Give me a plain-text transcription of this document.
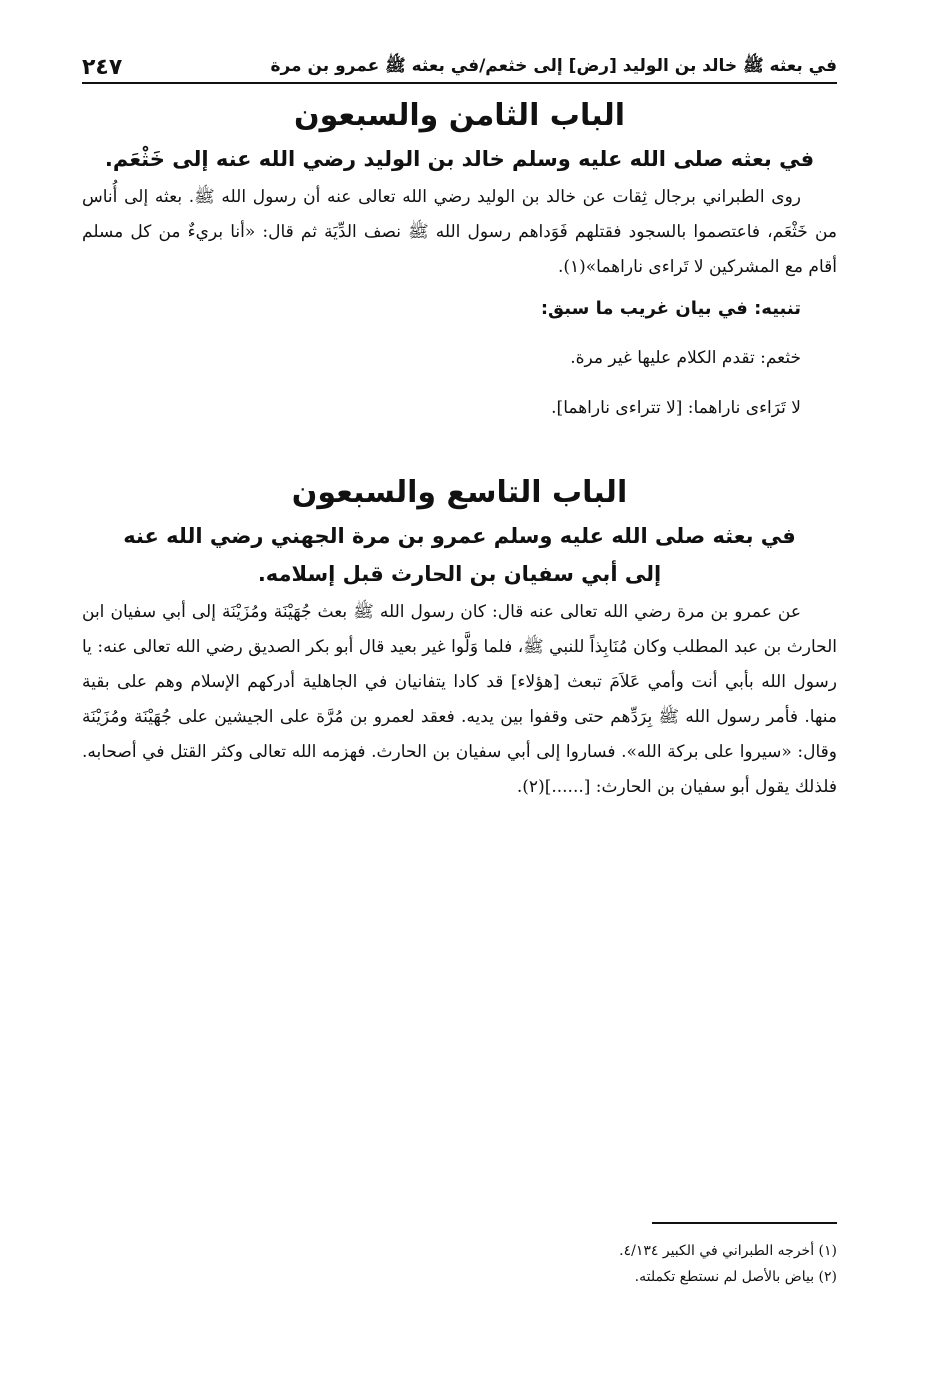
في بعثه ﷺ خالد بن الوليد [رض] إلى خثعم/في بعثه ﷺ عمرو بن مرة
٢٤٧
الباب الثامن والسبعون
في بعثه صلى الله عليه وسلم خالد بن الوليد رضي الله عنه إلى خَثْعَم.

روى الطبراني برجال ثِقات عن خالد بن الوليد رضي الله تعالى عنه أن رسول الله ﷺ. بعثه إلى أُناس من خَثْعَم، فاعتصموا بالسجود فقتلهم فَوَداهم رسول الله ﷺ نصف الدِّيَة ثم قال: «أنا بريءٌ من كل مسلم أقام مع المشركين لا تَراءى ناراهما»(١).

تنبيه: في بيان غريب ما سبق:

خثعم: تقدم الكلام عليها غير مرة.

لا تَرَاءى ناراهما: [لا تتراءى ناراهما].

الباب التاسع والسبعون
في بعثه صلى الله عليه وسلم عمرو بن مرة الجهني رضي الله عنه
إلى أبي سفيان بن الحارث قبل إسلامه.

عن عمرو بن مرة رضي الله تعالى عنه قال: كان رسول الله ﷺ بعث جُهَيْنَة ومُزَيْنَة إلى أبي سفيان ابن الحارث بن عبد المطلب وكان مُنَابِذاً للنبي ﷺ، فلما وَلَّوا غير بعيد قال أبو بكر الصديق رضي الله تعالى عنه: يا رسول الله بأبي أنت وأمي عَلاَمَ تبعث [هؤلاء] قد كادا يتفانيان في الجاهلية أدركهم الإسلام وهم على بقية منها. فأمر رسول الله ﷺ بِرَدِّهم حتى وقفوا بين يديه. فعقد لعمرو بن مُرَّة على الجيشين على جُهَيْنَة ومُزَيْنَة وقال: «سيروا على بركة الله». فساروا إلى أبي سفيان بن الحارث. فهزمه الله تعالى وكثر القتل في أصحابه. فلذلك يقول أبو سفيان بن الحارث: [......](٢).

(١) أخرجه الطبراني في الكبير ٤/١٣٤.

(٢) بياض بالأصل لم نستطع تكملته.
